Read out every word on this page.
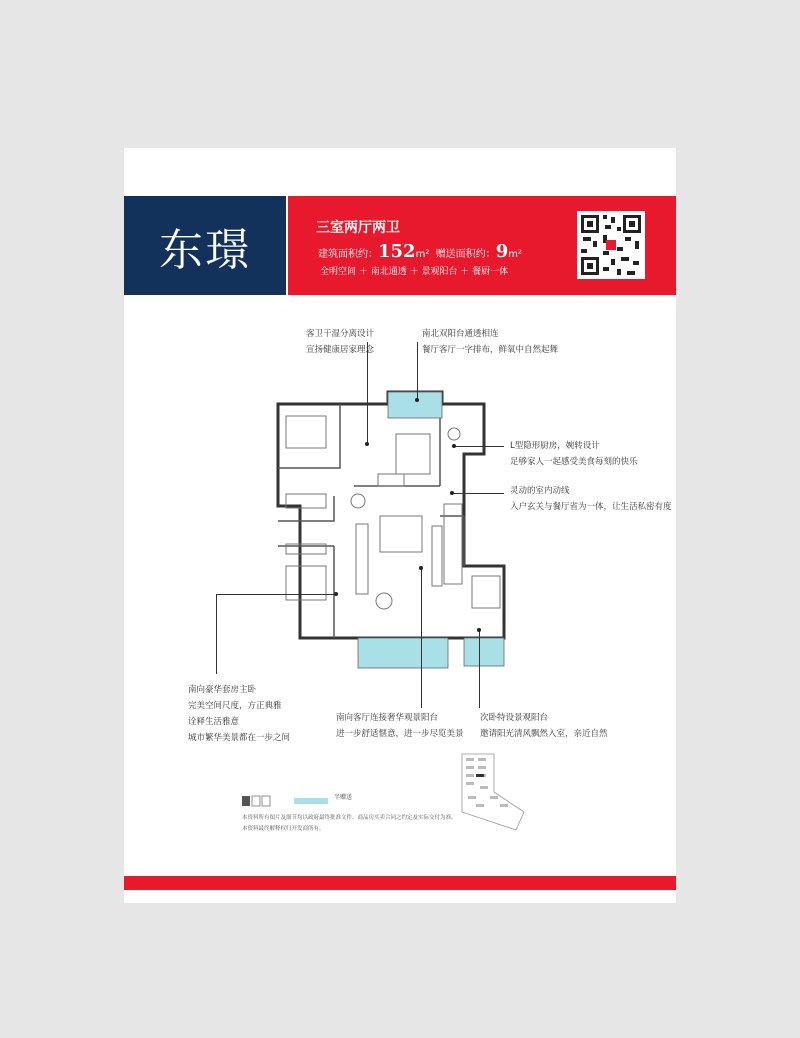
东璟	三室两厅两卫
建筑面积约：152m² 赠送面积约：9m²
全明空间 ＋ 南北通透 ＋ 景观阳台 ＋ 餐厨一体
客卫干湿分离设计
宣扬健康居家理念
南北双阳台通透相连
餐厅客厅一字排布，鲜氧中自然起舞
L型隐形厨房，婉转设计
足够家人一起感受美食每刻的快乐
灵动的室内动线
入户玄关与餐厅省为一体，让生活私密有度
南向豪华套房主卧
完美空间尺度，方正典雅
诠释生活雅意
城市繁华美景都在一步之间
南向客厅连接奢华观景阳台
进一步舒适惬意，进一步尽览美景
次卧特设景观阳台
邀请阳光清风飘然入室，亲近自然
半赠送
本资料所有图片及细节均以政府最终批准文件、商品房买卖合同之约定及实际交付为准。
本资料最终解释权归开发商所有。
